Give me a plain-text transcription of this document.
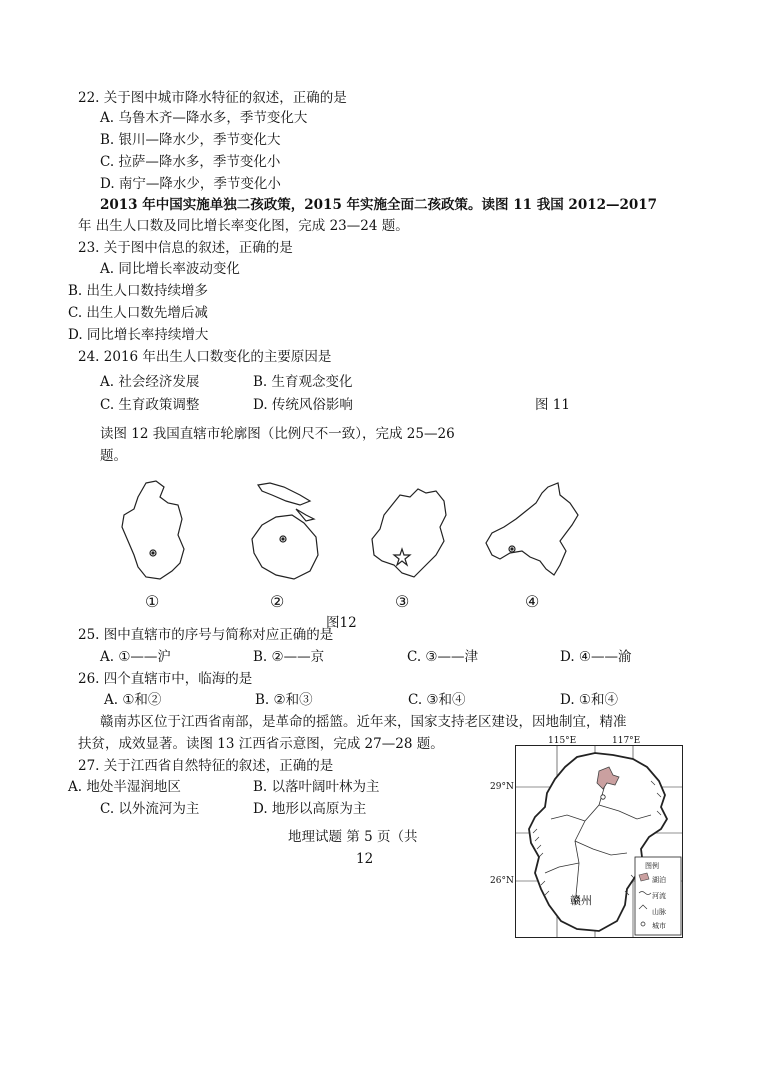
22. 关于图中城市降水特征的叙述，正确的是
A. 乌鲁木齐—降水多，季节变化大
B. 银川—降水少，季节变化大
C. 拉萨—降水多，季节变化小
D. 南宁—降水少，季节变化小
2013 年中国实施单独二孩政策，2015 年实施全面二孩政策。读图 11 我国 2012—2017
年 出生人口数及同比增长率变化图，完成 23—24 题。
23. 关于图中信息的叙述，正确的是
A. 同比增长率波动变化
B. 出生人口数持续增多
C. 出生人口数先增后减
D. 同比增长率持续增大
24. 2016 年出生人口数变化的主要原因是
A. 社会经济发展	B. 生育观念变化
C. 生育政策调整	D. 传统风俗影响	图 11
读图 12 我国直辖市轮廓图（比例尺不一致），完成 25—26
题。
①	②	③	④
图12
25. 图中直辖市的序号与简称对应正确的是
A. ①——沪	B. ②——京	C. ③——津	D. ④——渝
26. 四个直辖市中，临海的是
A. ①和②	B. ②和③	C. ③和④	D. ①和④
赣南苏区位于江西省南部，是革命的摇篮。近年来，国家支持老区建设，因地制宜，精准
扶贫，成效显著。读图 13 江西省示意图，完成 27—28 题。
27. 关于江西省自然特征的叙述，正确的是
A. 地处半湿润地区	B. 以落叶阔叶林为主
C. 以外流河为主	D. 地形以高原为主
地理试题 第 5 页（共
12
115°E	117°E
29°N
26°N
赣州
图例
湖泊
河流
山脉
城市
